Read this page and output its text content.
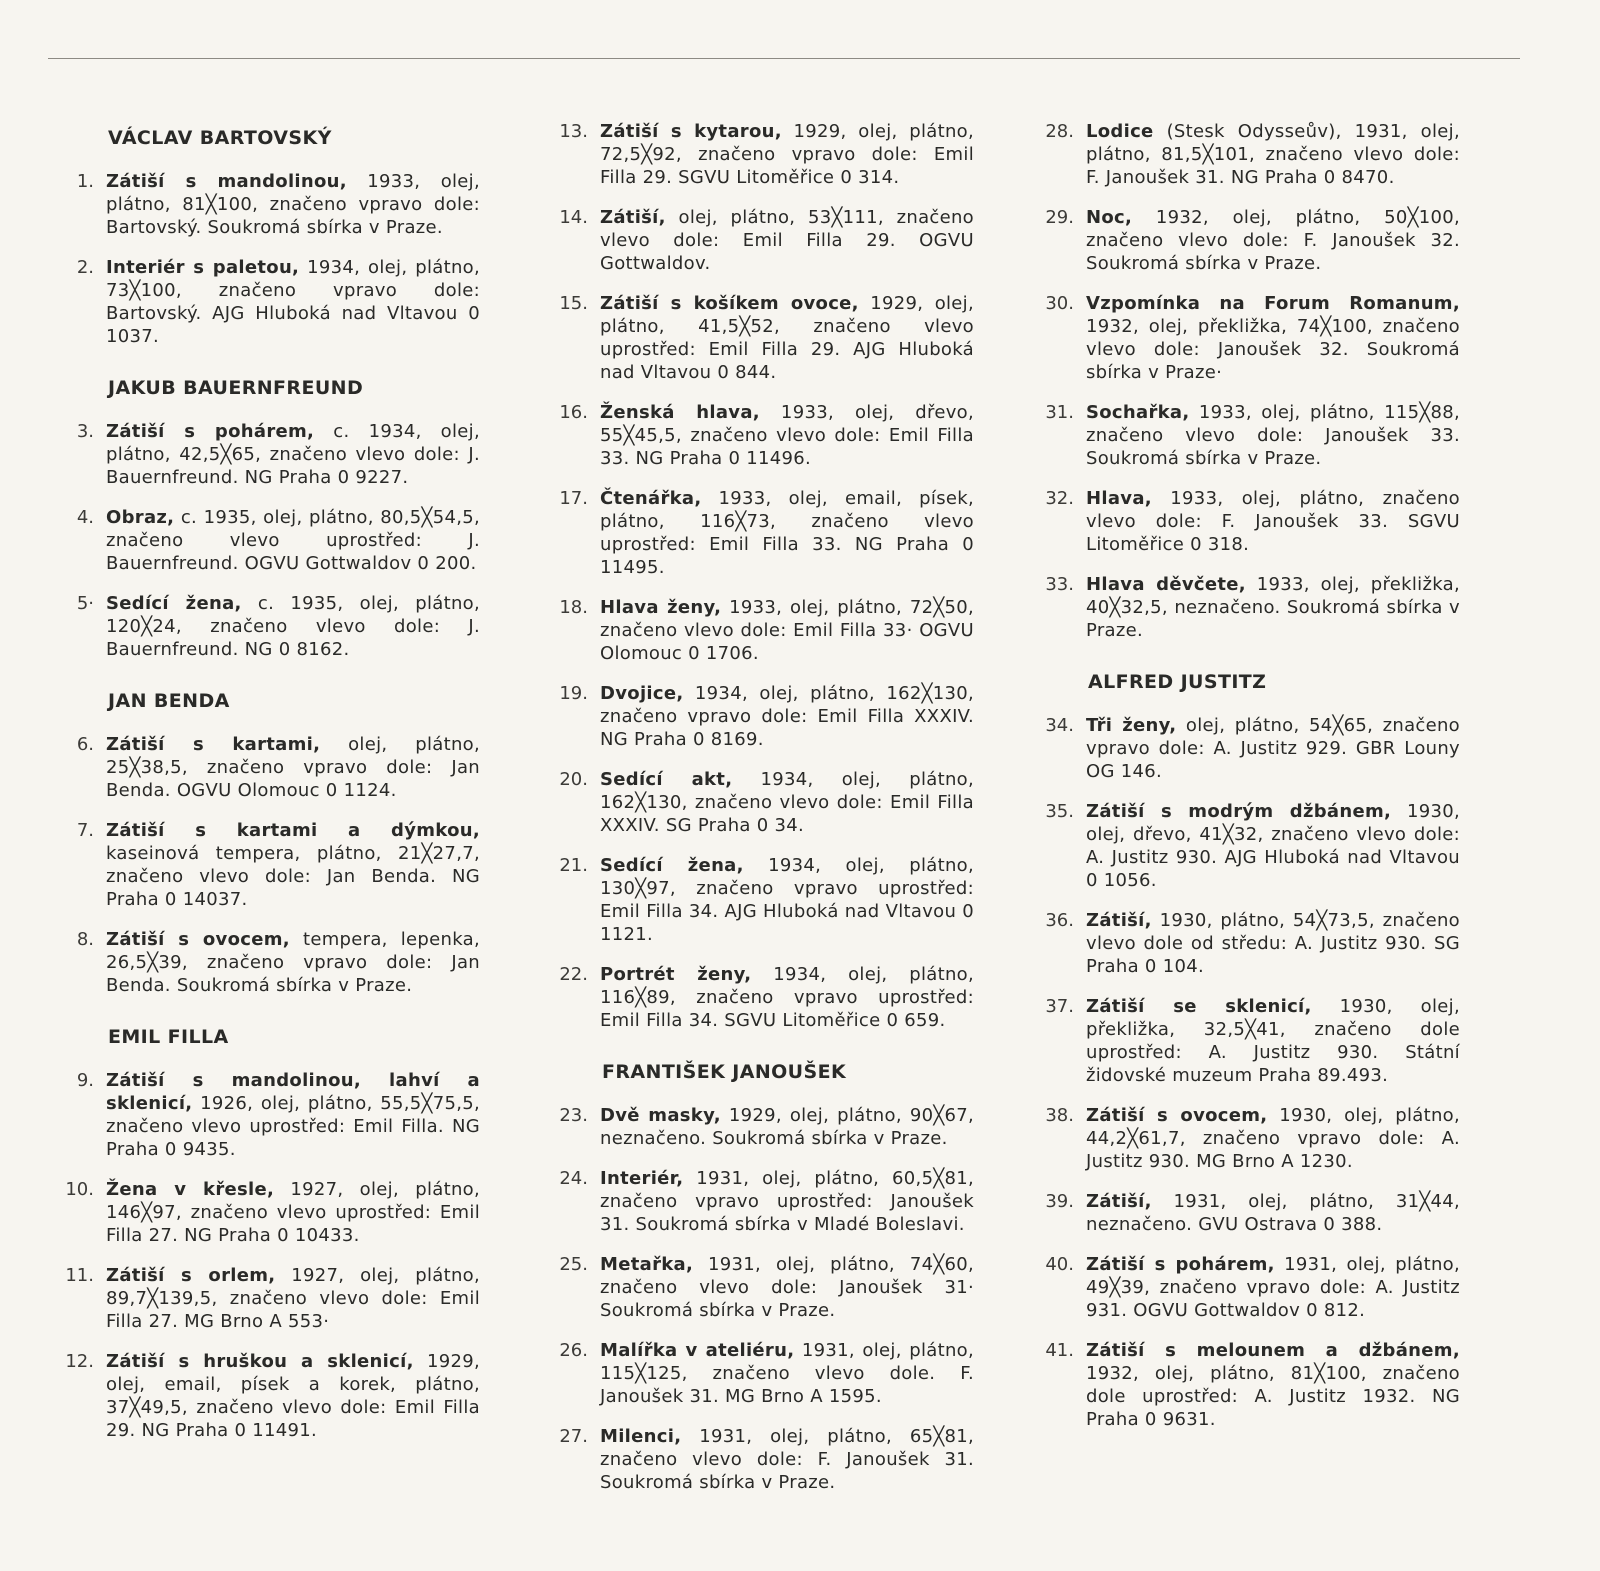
VÁCLAV BARTOVSKÝ
1. Zátiší s mandolinou, 1933, olej, plátno, 81╳100, značeno vpravo dole: Bartovský. Soukromá sbírka v Praze.
2. Interiér s paletou, 1934, olej, plátno, 73╳100, značeno vpravo dole: Bartovský. AJG Hluboká nad Vltavou 0 1037.
JAKUB BAUERNFREUND
3. Zátiší s pohárem, c. 1934, olej, plátno, 42,5╳65, značeno vlevo dole: J. Bauernfreund. NG Praha 0 9227.
4. Obraz, c. 1935, olej, plátno, 80,5╳54,5, značeno vlevo uprostřed: J. Bauernfreund. OGVU Gottwaldov 0 200.
5· Sedící žena, c. 1935, olej, plátno, 120╳24, značeno vlevo dole: J. Bauernfreund. NG 0 8162.
JAN BENDA
6. Zátiší s kartami, olej, plátno, 25╳38,5, značeno vpravo dole: Jan Benda. OGVU Olomouc 0 1124.
7. Zátiší s kartami a dýmkou, kaseinová tempera, plátno, 21╳27,7, značeno vlevo dole: Jan Benda. NG Praha 0 14037.
8. Zátiší s ovocem, tempera, lepenka, 26,5╳39, značeno vpravo dole: Jan Benda. Soukromá sbírka v Praze.
EMIL FILLA
9. Zátiší s mandolinou, lahví a sklenicí, 1926, olej, plátno, 55,5╳75,5, značeno vlevo uprostřed: Emil Filla. NG Praha 0 9435.
10. Žena v křesle, 1927, olej, plátno, 146╳97, značeno vlevo uprostřed: Emil Filla 27. NG Praha 0 10433.
11. Zátiší s orlem, 1927, olej, plátno, 89,7╳139,5, značeno vlevo dole: Emil Filla 27. MG Brno A 553·
12. Zátiší s hruškou a sklenicí, 1929, olej, email, písek a korek, plátno, 37╳49,5, značeno vlevo dole: Emil Filla 29. NG Praha 0 11491.
13. Zátiší s kytarou, 1929, olej, plátno, 72,5╳92, značeno vpravo dole: Emil Filla 29. SGVU Litoměřice 0 314.
14. Zátiší, olej, plátno, 53╳111, značeno vlevo dole: Emil Filla 29. OGVU Gottwaldov.
15. Zátiší s košíkem ovoce, 1929, olej, plátno, 41,5╳52, značeno vlevo uprostřed: Emil Filla 29. AJG Hluboká nad Vltavou 0 844.
16. Ženská hlava, 1933, olej, dřevo, 55╳45,5, značeno vlevo dole: Emil Filla 33. NG Praha 0 11496.
17. Čtenářka, 1933, olej, email, písek, plátno, 116╳73, značeno vlevo uprostřed: Emil Filla 33. NG Praha 0 11495.
18. Hlava ženy, 1933, olej, plátno, 72╳50, značeno vlevo dole: Emil Filla 33· OGVU Olomouc 0 1706.
19. Dvojice, 1934, olej, plátno, 162╳130, značeno vpravo dole: Emil Filla XXXIV. NG Praha 0 8169.
20. Sedící akt, 1934, olej, plátno, 162╳130, značeno vlevo dole: Emil Filla XXXIV. SG Praha 0 34.
21. Sedící žena, 1934, olej, plátno, 130╳97, značeno vpravo uprostřed: Emil Filla 34. AJG Hluboká nad Vltavou 0 1121.
22. Portrét ženy, 1934, olej, plátno, 116╳89, značeno vpravo uprostřed: Emil Filla 34. SGVU Litoměřice 0 659.
FRANTIŠEK JANOUŠEK
23. Dvě masky, 1929, olej, plátno, 90╳67, neznačeno. Soukromá sbírka v Praze.
24. Interiér, 1931, olej, plátno, 60,5╳81, značeno vpravo uprostřed: Janoušek 31. Soukromá sbírka v Mladé Boleslavi.
25. Metařka, 1931, olej, plátno, 74╳60, značeno vlevo dole: Janoušek 31· Soukromá sbírka v Praze.
26. Malířka v ateliéru, 1931, olej, plátno, 115╳125, značeno vlevo dole. F. Janoušek 31. MG Brno A 1595.
27. Milenci, 1931, olej, plátno, 65╳81, značeno vlevo dole: F. Janoušek 31. Soukromá sbírka v Praze.
28. Lodice (Stesk Odysseův), 1931, olej, plátno, 81,5╳101, značeno vlevo dole: F. Janoušek 31. NG Praha 0 8470.
29. Noc, 1932, olej, plátno, 50╳100, značeno vlevo dole: F. Janoušek 32. Soukromá sbírka v Praze.
30. Vzpomínka na Forum Romanum, 1932, olej, překližka, 74╳100, značeno vlevo dole: Janoušek 32. Soukromá sbírka v Praze·
31. Sochařka, 1933, olej, plátno, 115╳88, značeno vlevo dole: Janoušek 33. Soukromá sbírka v Praze.
32. Hlava, 1933, olej, plátno, značeno vlevo dole: F. Janoušek 33. SGVU Litoměřice 0 318.
33. Hlava děvčete, 1933, olej, překližka, 40╳32,5, neznačeno. Soukromá sbírka v Praze.
ALFRED JUSTITZ
34. Tři ženy, olej, plátno, 54╳65, značeno vpravo dole: A. Justitz 929. GBR Louny OG 146.
35. Zátiší s modrým džbánem, 1930, olej, dřevo, 41╳32, značeno vlevo dole: A. Justitz 930. AJG Hluboká nad Vltavou 0 1056.
36. Zátiší, 1930, plátno, 54╳73,5, značeno vlevo dole od středu: A. Justitz 930. SG Praha 0 104.
37. Zátiší se sklenicí, 1930, olej, překližka, 32,5╳41, značeno dole uprostřed: A. Justitz 930. Státní židovské muzeum Praha 89.493.
38. Zátiší s ovocem, 1930, olej, plátno, 44,2╳61,7, značeno vpravo dole: A. Justitz 930. MG Brno A 1230.
39. Zátiší, 1931, olej, plátno, 31╳44, neznačeno. GVU Ostrava 0 388.
40. Zátiší s pohárem, 1931, olej, plátno, 49╳39, značeno vpravo dole: A. Justitz 931. OGVU Gottwaldov 0 812.
41. Zátiší s melounem a džbánem, 1932, olej, plátno, 81╳100, značeno dole uprostřed: A. Justitz 1932. NG Praha 0 9631.
